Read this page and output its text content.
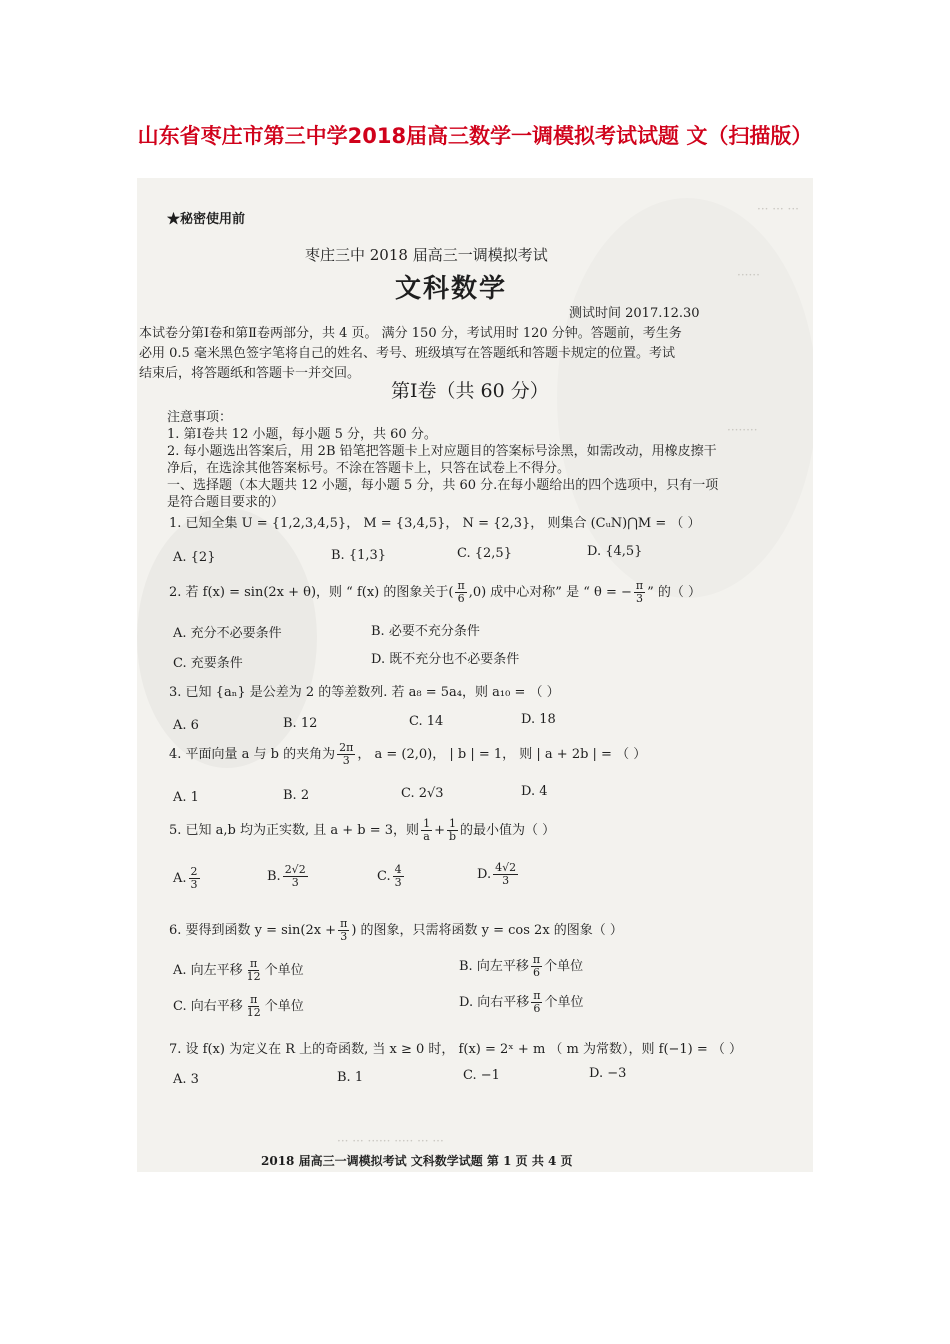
山东省枣庄市第三中学2018届高三数学一调模拟考试试题 文（扫描版）
··· ··· ···
······
········
★秘密使用前
枣庄三中 2018 届高三一调模拟考试
文科数学
测试时间 2017.12.30
本试卷分第Ⅰ卷和第Ⅱ卷两部分，共 4 页。 满分 150 分，考试用时 120 分钟。答题前，考生务
必用 0.5 毫米黑色签字笔将自己的姓名、考号、班级填写在答题纸和答题卡规定的位置。考试
结束后，将答题纸和答题卡一并交回。
第Ⅰ卷（共 60 分）
注意事项：
1. 第Ⅰ卷共 12 小题，每小题 5 分，共 60 分。
2. 每小题选出答案后，用 2B 铅笔把答题卡上对应题目的答案标号涂黑，如需改动，用橡皮擦干
净后，在选涂其他答案标号。不涂在答题卡上，只答在试卷上不得分。
一、选择题（本大题共 12 小题，每小题 5 分，共 60 分.在每小题给出的四个选项中，只有一项
是符合题目要求的）
1. 已知全集 U = {1,2,3,4,5}， M = {3,4,5}， N = {2,3}， 则集合 (CᵤN)⋂M = （ ）
A. {2}	B. {1,3}	C. {2,5}	D. {4,5}
2. 若 f(x) = sin(2x + θ)，则 “ f(x) 的图象关于( $\frac{\pi}{6} ,0$) 成中心对称” 是 “ θ = − $\frac{\pi}{3}$ ” 的（ ）
A. 充分不必要条件	B. 必要不充分条件
C. 充要条件	D. 既不充分也不必要条件
3. 已知 {aₙ} 是公差为 2 的等差数列. 若 a₈ = 5a₄，则 a₁₀ = （ ）
A. 6	B. 12	C. 14	D. 18
4. 平面向量 a 与 b 的夹角为 $\frac{2\pi}{3}$ ， a = (2,0)， | b | = 1， 则 | a + 2b | = （ ）
A. 1	B. 2	C. 2√3	D. 4
5. 已知 a,b 均为正实数, 且 a + b = 3，则 $\frac{1}{a} + \frac{1}{b}$ 的最小值为（ ）
A. $\frac{2}{3}$	B. $\frac{2√2}{3}$	C. $\frac{4}{3}$	D. $\frac{4√2}{3}$
6. 要得到函数 $y = \sin(2x + \frac{\pi}{3}$ ) 的图象，只需将函数 y = cos 2x 的图象（ ）
A. 向左平移 $\frac{\pi}{12}$ 个单位	B. 向左平移 $\frac{\pi}{6}$ 个单位
C. 向右平移 $\frac{\pi}{12}$ 个单位	D. 向右平移 $\frac{\pi}{6}$ 个单位
7. 设 f(x) 为定义在 R 上的奇函数, 当 x ≥ 0 时， f(x) = 2ˣ + m （ m 为常数），则 f(−1) = （ ）
A. 3	B. 1	C. −1	D. −3
··· ··· ······ ····· ··· ···
2018 届高三一调模拟考试 文科数学试题 第 1 页 共 4 页
